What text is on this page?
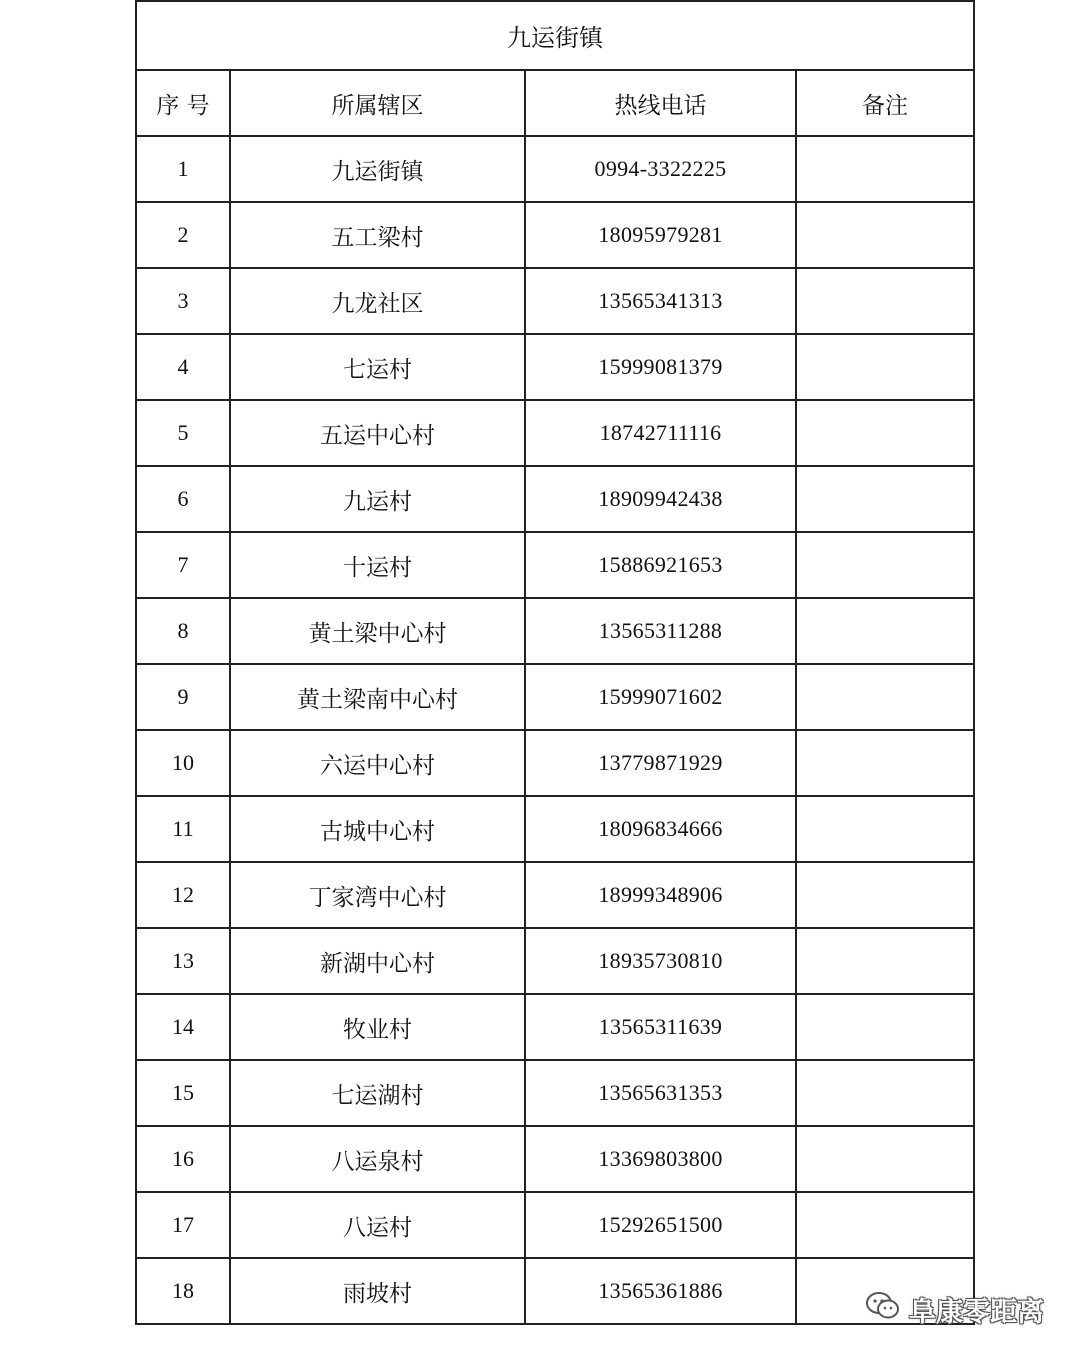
九运街镇			
序 号	所属辖区	热线电话	备注
1	九运街镇	0994-3322225	
2	五工梁村	18095979281	
3	九龙社区	13565341313	
4	七运村	15999081379	
5	五运中心村	18742711116	
6	九运村	18909942438	
7	十运村	15886921653	
8	黄土梁中心村	13565311288	
9	黄土梁南中心村	15999071602	
10	六运中心村	13779871929	
11	古城中心村	18096834666	
12	丁家湾中心村	18999348906	
13	新湖中心村	18935730810	
14	牧业村	13565311639	
15	七运湖村	13565631353	
16	八运泉村	13369803800	
17	八运村	15292651500	
18	雨坡村	13565361886	
阜康零距离
